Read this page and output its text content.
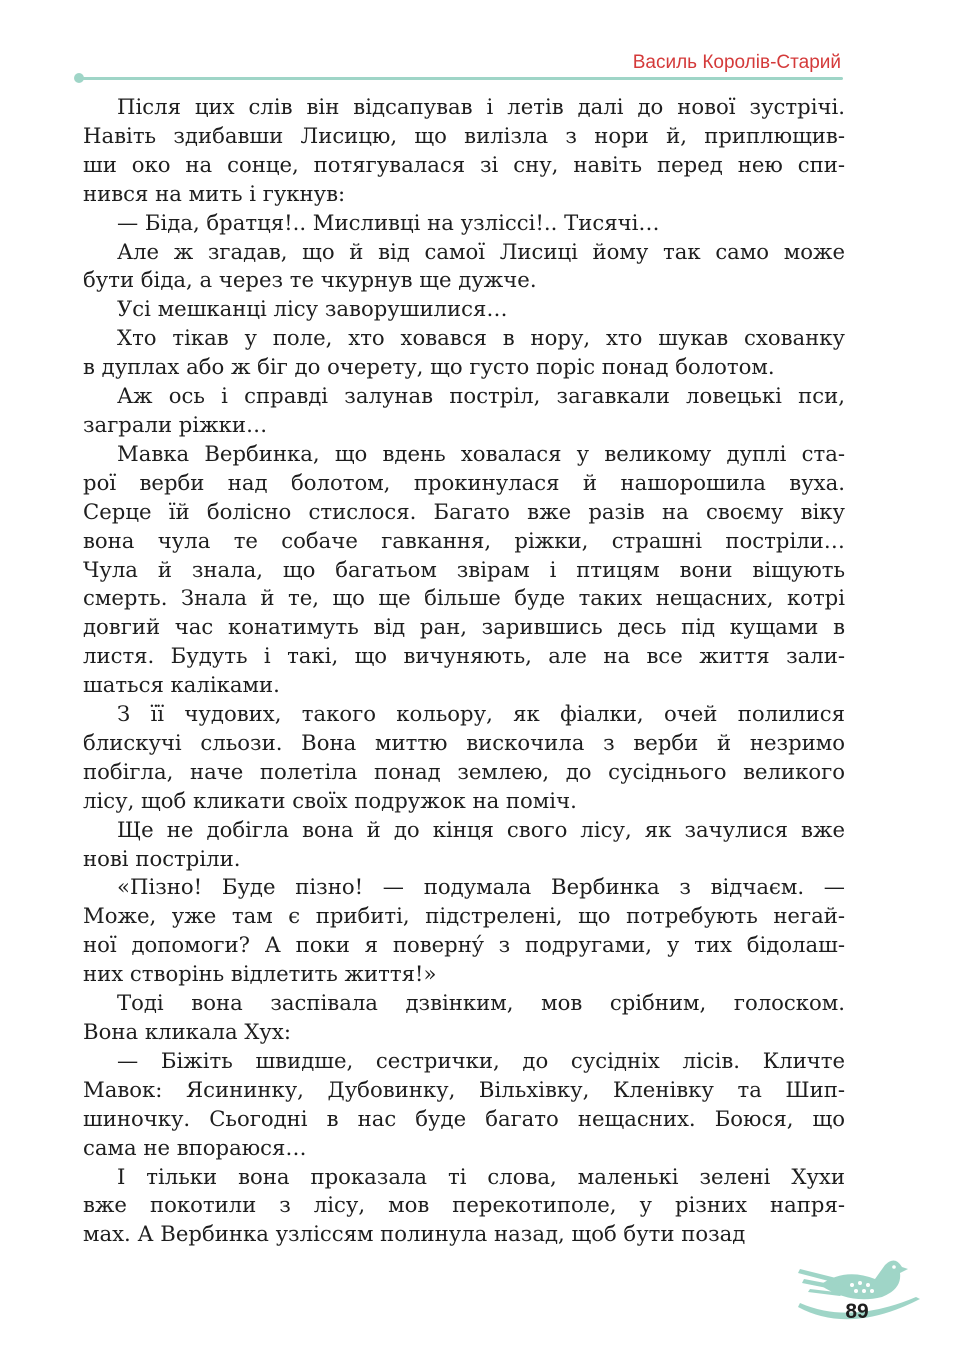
Василь Королів-Старий

Після цих слів він відсапував і летів далі до нової зустрічі.
Навіть здибавши Лисицю, що вилізла з нори й, приплющив-
ши око на сонце, потягувалася зі сну, навіть перед нею спи-
нився на мить і гукнув:

— Біда, братця!.. Мисливці на узліссі!.. Тисячі…

Але ж згадав, що й від самої Лисиці йому так само може
бути біда, а через те чкурнув ще дужче.

Усі мешканці лісу заворушилися…

Хто тікав у поле, хто ховався в нору, хто шукав сховaнку
в дуплах або ж біг до очерету, що густо поріс понад болотом.

Аж ось і справді залунав постріл, загавкали ловецькі пси,
заграли ріжки…

Мавка Вербинка, що вдень ховалася у великому дуплі ста-
рої верби над болотом, прокинулася й нашорошила вуха.
Серце їй болісно стислося. Багато вже разів на своєму віку
вона чула те собаче гавкання, ріжки, страшні постріли…
Чула й знала, що багатьом звірам і птицям вони віщують
смерть. Знала й те, що ще більше буде таких нещасних, котрі
довгий час конатимуть від ран, зарившись десь під кущами в
листя. Будуть і такі, що вичуняють, але на все життя зали-
шаться каліками.

З її чудових, такого кольору, як фіалки, очей полилися
блискучі сльози. Вона миттю вискочила з верби й незримо
побігла, наче полетіла понад землею, до сусіднього великого
лісу, щоб кликати своїх подружок на поміч.

Ще не добігла вона й до кінця свого лісу, як зачулися вже
нові постріли.

«Пізно! Буде пізно! — подумала Вербинка з відчаєм. —
Може, уже там є прибиті, підстрелені, що потребують негай-
ної допомоги? А поки я повернý з подругами, у тих бідолаш-
них створінь відлетить життя!»

Тоді вона заспівала дзвінким, мов срібним, голоском.
Вона кликала Хух:

— Біжіть швидше, сестрички, до сусідніх лісів. Кличте
Мавок: Ясининку, Дубовинку, Вільхівку, Кленівку та Шип-
шиночку. Сьогодні в нас буде багато нещасних. Боюся, що
сама не впораюся…

І тільки вона проказала ті слова, маленькі зелені Хухи
вже покотили з лісу, мов перекотиполе, у різних напря-
мах. А Вербинка узліссям полинула назад, щоб бути позад

89
